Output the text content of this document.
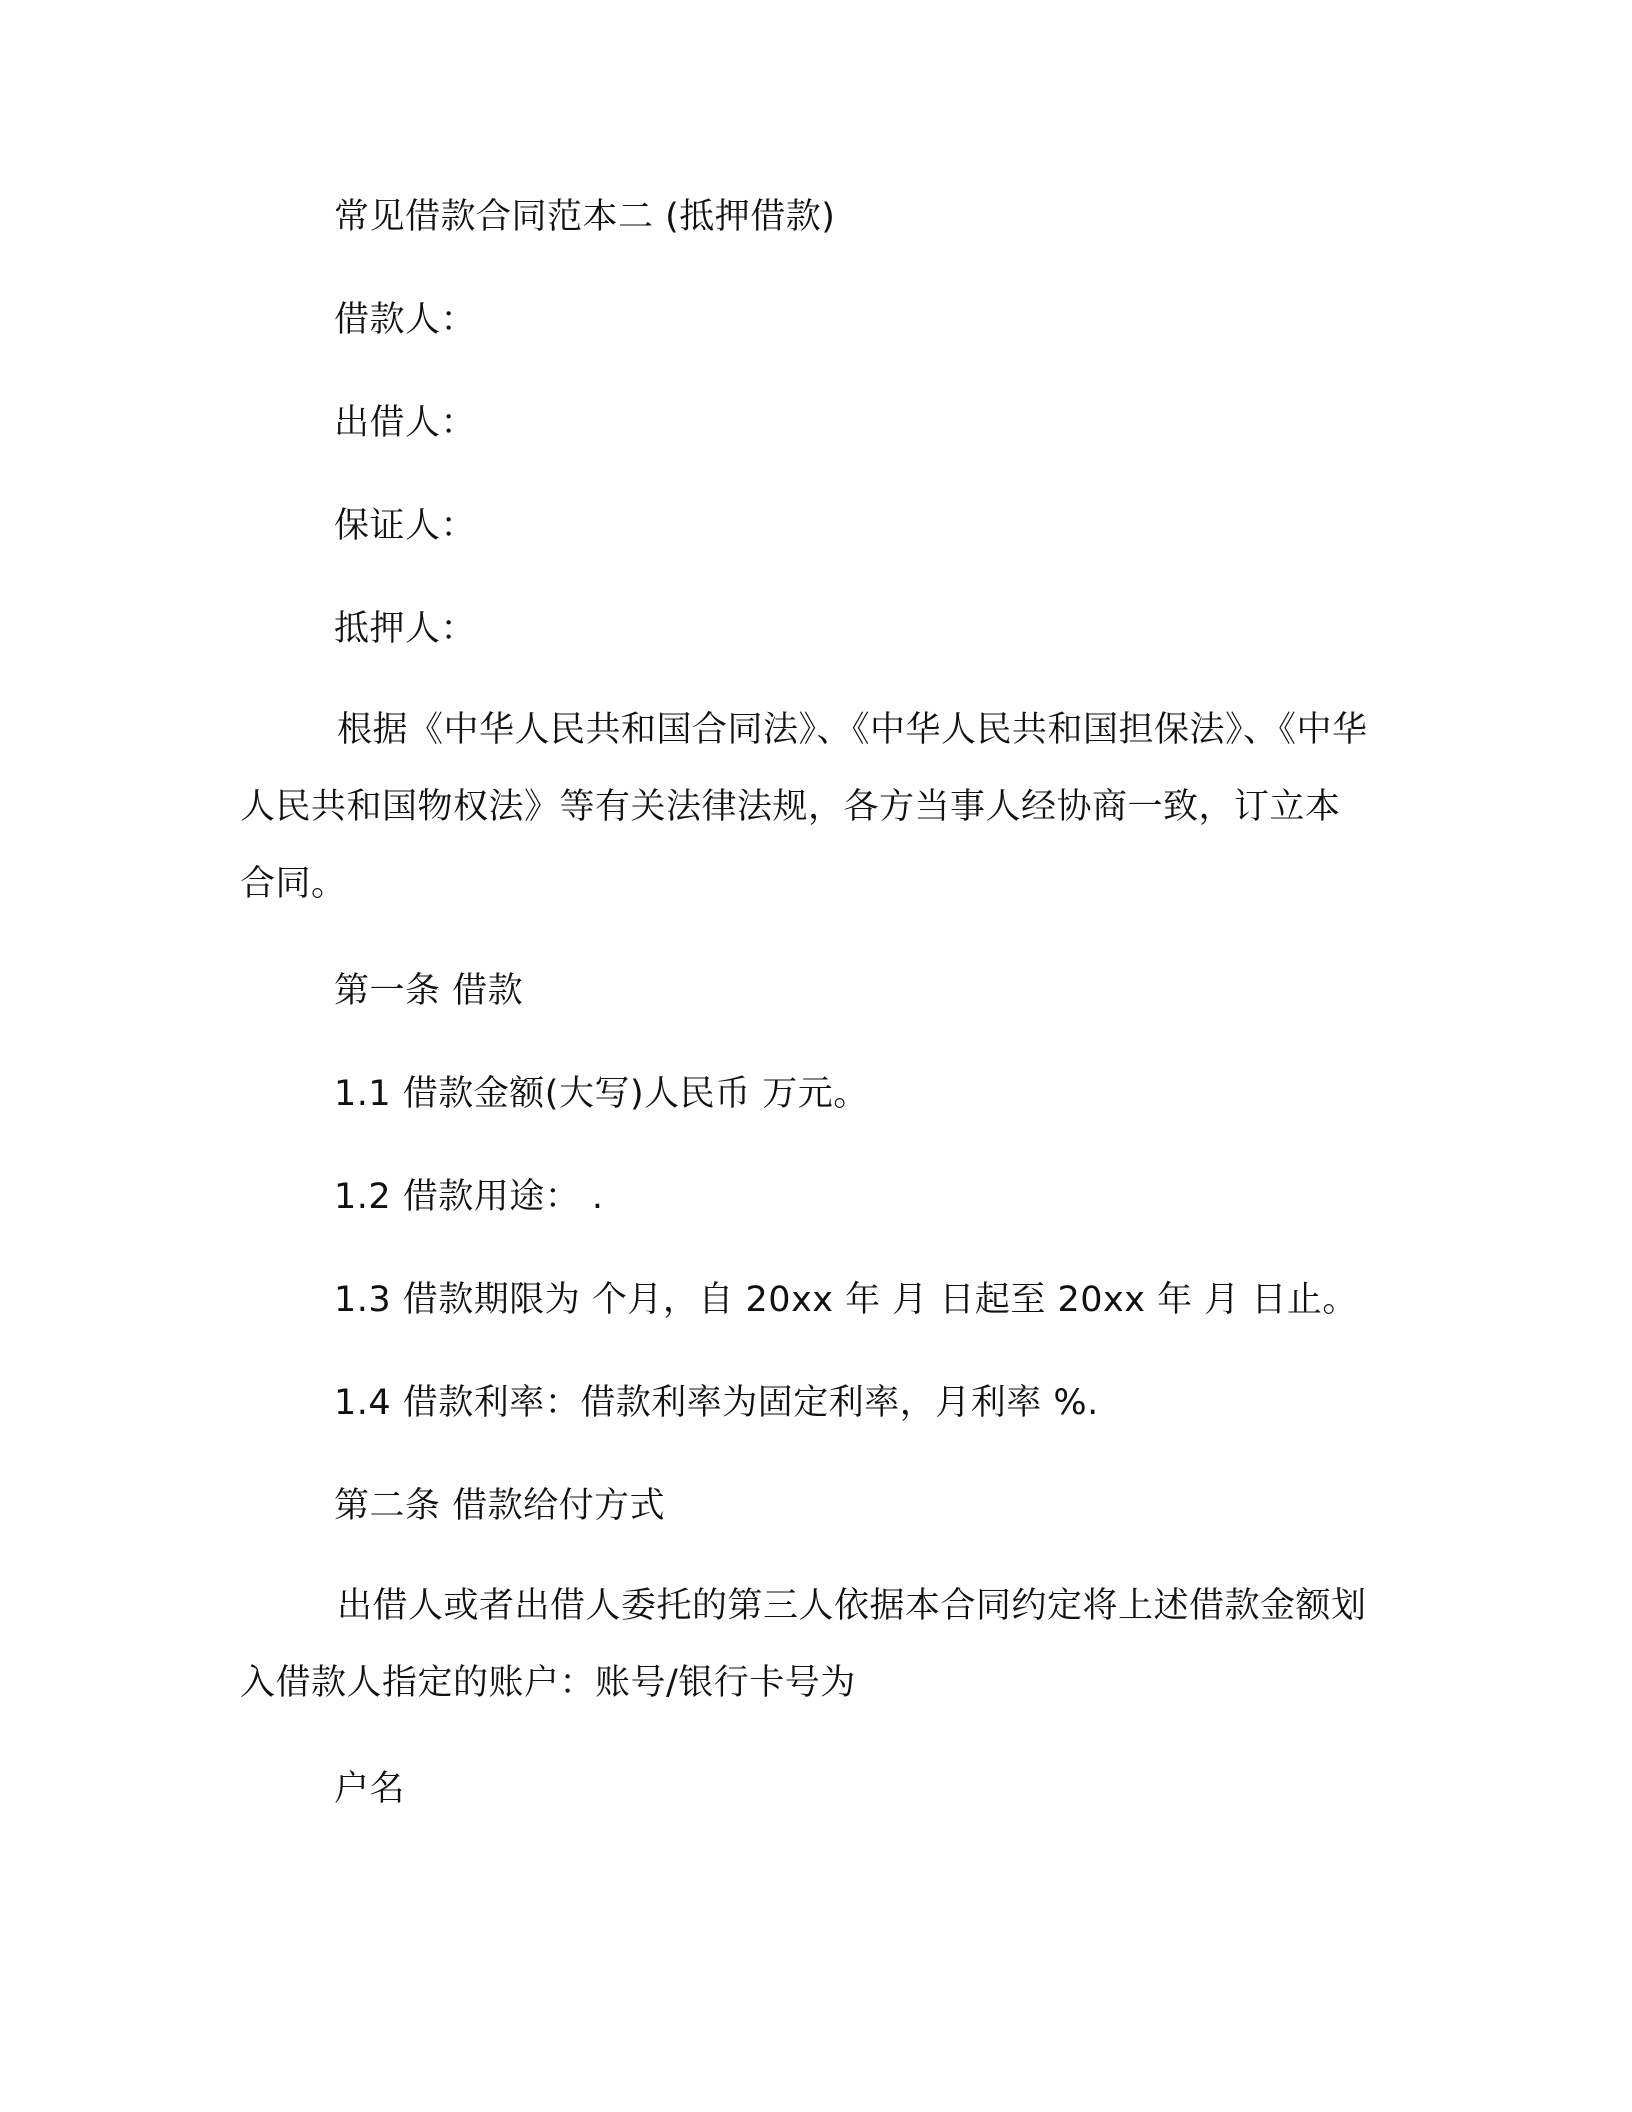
常见借款合同范本二 (抵押借款)
借款人：
出借人：
保证人：
抵押人：
根据《中华人民共和国合同法》、《中华人民共和国担保法》、《中华人民共和国物权法》等有关法律法规，各方当事人经协商一致，订立本合同。
第一条 借款
1.1 借款金额(大写)人民币 万元。
1.2 借款用途： .
1.3 借款期限为 个月，自 20xx 年 月 日起至 20xx 年 月 日止。
1.4 借款利率：借款利率为固定利率，月利率 %.
第二条 借款给付方式
出借人或者出借人委托的第三人依据本合同约定将上述借款金额划入借款人指定的账户：账号/银行卡号为
户名
